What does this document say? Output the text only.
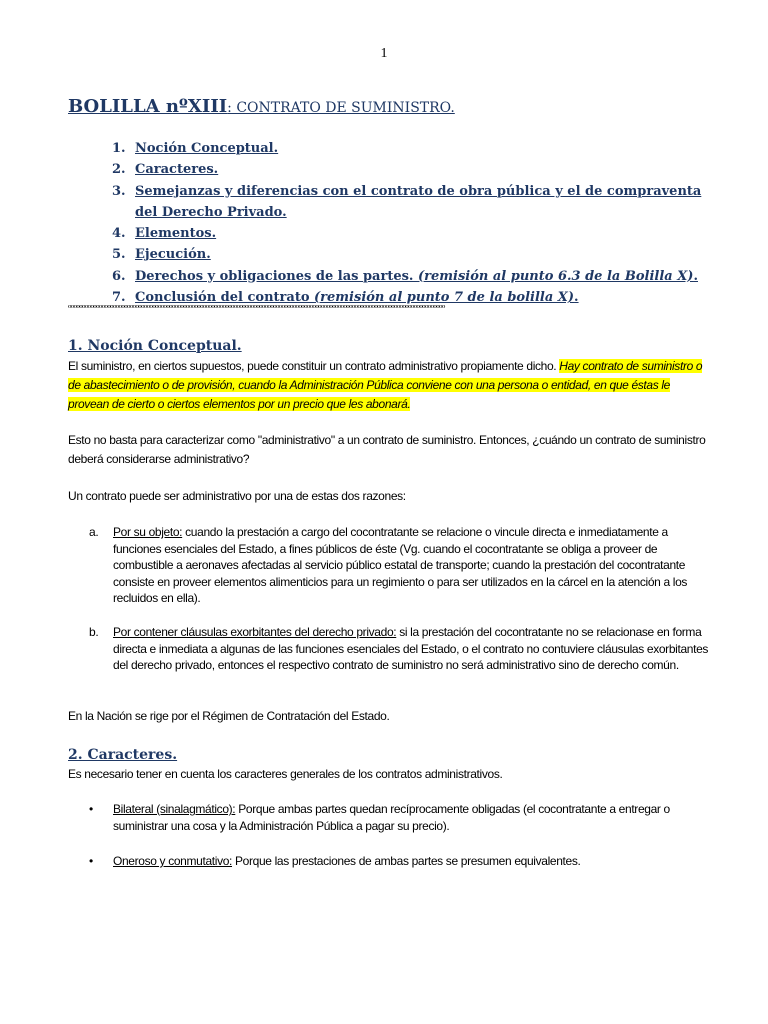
1
BOLILLA nºXIII: CONTRATO DE SUMINISTRO.
1. Noción Conceptual.
2. Caracteres.
3. Semejanzas y diferencias con el contrato de obra pública y el de compraventa del Derecho Privado.
4. Elementos.
5. Ejecución.
6. Derechos y obligaciones de las partes. (remisión al punto 6.3 de la Bolilla X).
7. Conclusión del contrato (remisión al punto 7 de la bolilla X).
ºººººººººººººººººººººººººººººººººººººººººººººººººººººººººººººººººººººººººººººººººººººººººººººººººººººººººººººººººººººººººººººººººººººº
1. Noción Conceptual.
El suministro, en ciertos supuestos, puede constituir un contrato administrativo propiamente dicho. Hay contrato de suministro o de abastecimiento o de provisión, cuando la Administración Pública conviene con una persona o entidad, en que éstas le provean de cierto o ciertos elementos por un precio que les abonará.
Esto no basta para caracterizar como "administrativo" a un contrato de suministro. Entonces, ¿cuándo un contrato de suministro deberá considerarse administrativo?
Un contrato puede ser administrativo por una de estas dos razones:
a. Por su objeto: cuando la prestación a cargo del cocontratante se relacione o vincule directa e inmediatamente a funciones esenciales del Estado, a fines públicos de éste (Vg. cuando el cocontratante se obliga a proveer de combustible a aeronaves afectadas al servicio público estatal de transporte; cuando la prestación del cocontratante consiste en proveer elementos alimenticios para un regimiento o para ser utilizados en la cárcel en la atención a los recluidos en ella).
b. Por contener cláusulas exorbitantes del derecho privado: si la prestación del cocontratante no se relacionase en forma directa e inmediata a algunas de las funciones esenciales del Estado, o el contrato no contuviere cláusulas exorbitantes del derecho privado, entonces el respectivo contrato de suministro no será administrativo sino de derecho común.
En la Nación se rige por el Régimen de Contratación del Estado.
2. Caracteres.
Es necesario tener en cuenta los caracteres generales de los contratos administrativos.
• Bilateral (sinalagmático): Porque ambas partes quedan recíprocamente obligadas (el cocontratante a entregar o suministrar una cosa y la Administración Pública a pagar su precio).
• Oneroso y conmutativo: Porque las prestaciones de ambas partes se presumen equivalentes.
